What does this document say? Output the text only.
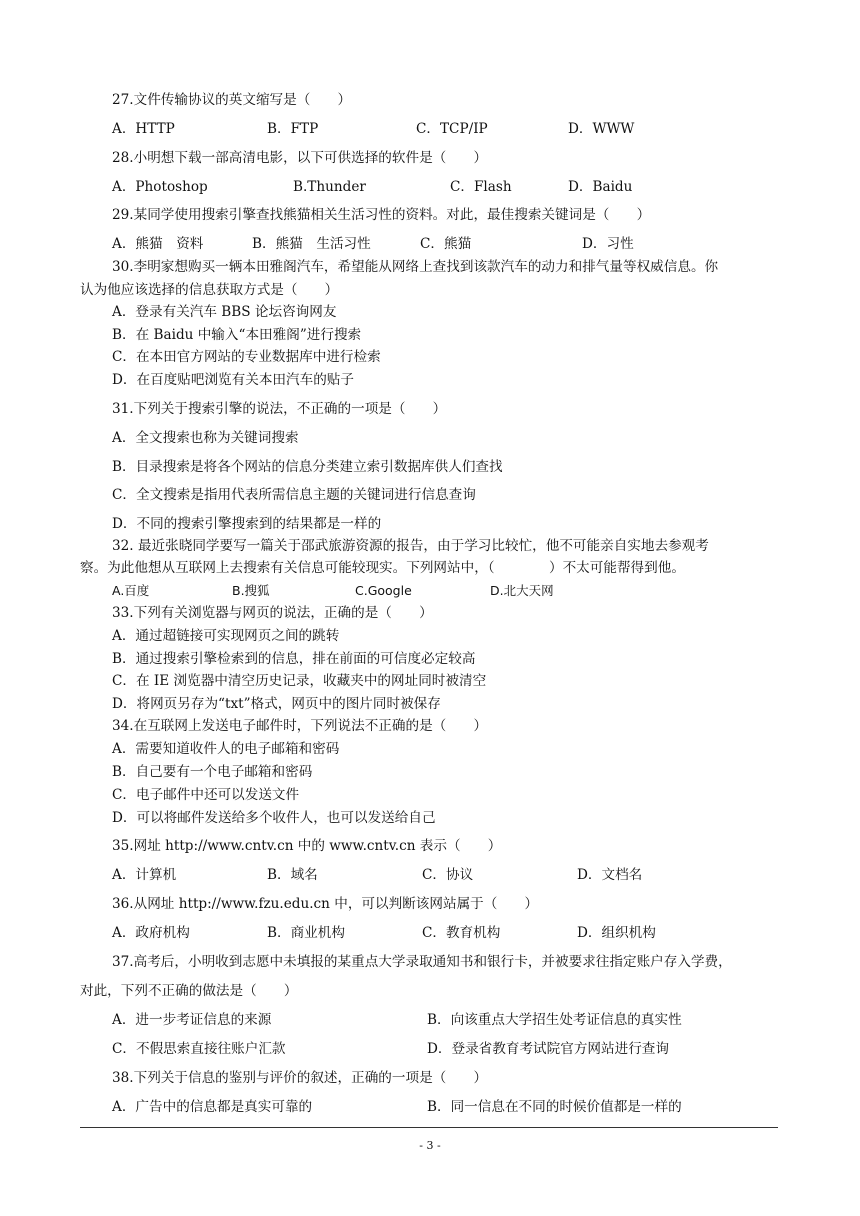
27.文件传输协议的英文缩写是（　　）
A．HTTP	B．FTP	C．TCP/IP	D．WWW
28.小明想下载一部高清电影，以下可供选择的软件是（　　）
A．Photoshop	B.Thunder	C．Flash	D．Baidu
29.某同学使用搜索引擎查找熊猫相关生活习性的资料。对此，最佳搜索关键词是（　　）
A．熊猫　资料	B．熊猫　生活习性	C．熊猫	D．习性
30.李明家想购买一辆本田雅阁汽车，希望能从网络上查找到该款汽车的动力和排气量等权威信息。你
认为他应该选择的信息获取方式是（　　）
A．登录有关汽车 BBS 论坛咨询网友
B．在 Baidu 中输入“本田雅阁”进行搜索
C．在本田官方网站的专业数据库中进行检索
D．在百度贴吧浏览有关本田汽车的贴子
31.下列关于搜索引擎的说法，不正确的一项是（　　）
A．全文搜索也称为关键词搜索
B．目录搜索是将各个网站的信息分类建立索引数据库供人们查找
C．全文搜索是指用代表所需信息主题的关键词进行信息查询
D．不同的搜索引擎搜索到的结果都是一样的
32. 最近张晓同学要写一篇关于邵武旅游资源的报告，由于学习比较忙，他不可能亲自实地去参观考
察。为此他想从互联网上去搜索有关信息可能较现实。下列网站中，（　　　　）不太可能帮得到他。
A.百度	B.搜狐	C.Google	D.北大天网
33.下列有关浏览器与网页的说法，正确的是（　　）
A．通过超链接可实现网页之间的跳转
B．通过搜索引擎检索到的信息，排在前面的可信度必定较高
C．在 IE 浏览器中清空历史记录，收藏夹中的网址同时被清空
D．将网页另存为“txt”格式，网页中的图片同时被保存
34.在互联网上发送电子邮件时，下列说法不正确的是（　　）
A．需要知道收件人的电子邮箱和密码
B．自己要有一个电子邮箱和密码
C．电子邮件中还可以发送文件
D．可以将邮件发送给多个收件人，也可以发送给自己
35.网址 http://www.cntv.cn 中的 www.cntv.cn 表示（　　）
A．计算机	B．域名	C．协议	D．文档名
36.从网址 http://www.fzu.edu.cn 中，可以判断该网站属于（　　）
A．政府机构	B．商业机构	C．教育机构	D．组织机构
37.高考后，小明收到志愿中未填报的某重点大学录取通知书和银行卡，并被要求往指定账户存入学费，
对此，下列不正确的做法是（　　）
A．进一步考证信息的来源	B．向该重点大学招生处考证信息的真实性
C．不假思索直接往账户汇款	D．登录省教育考试院官方网站进行查询
38.下列关于信息的鉴别与评价的叙述，正确的一项是（　　）
A．广告中的信息都是真实可靠的	B．同一信息在不同的时候价值都是一样的
- 3 -
